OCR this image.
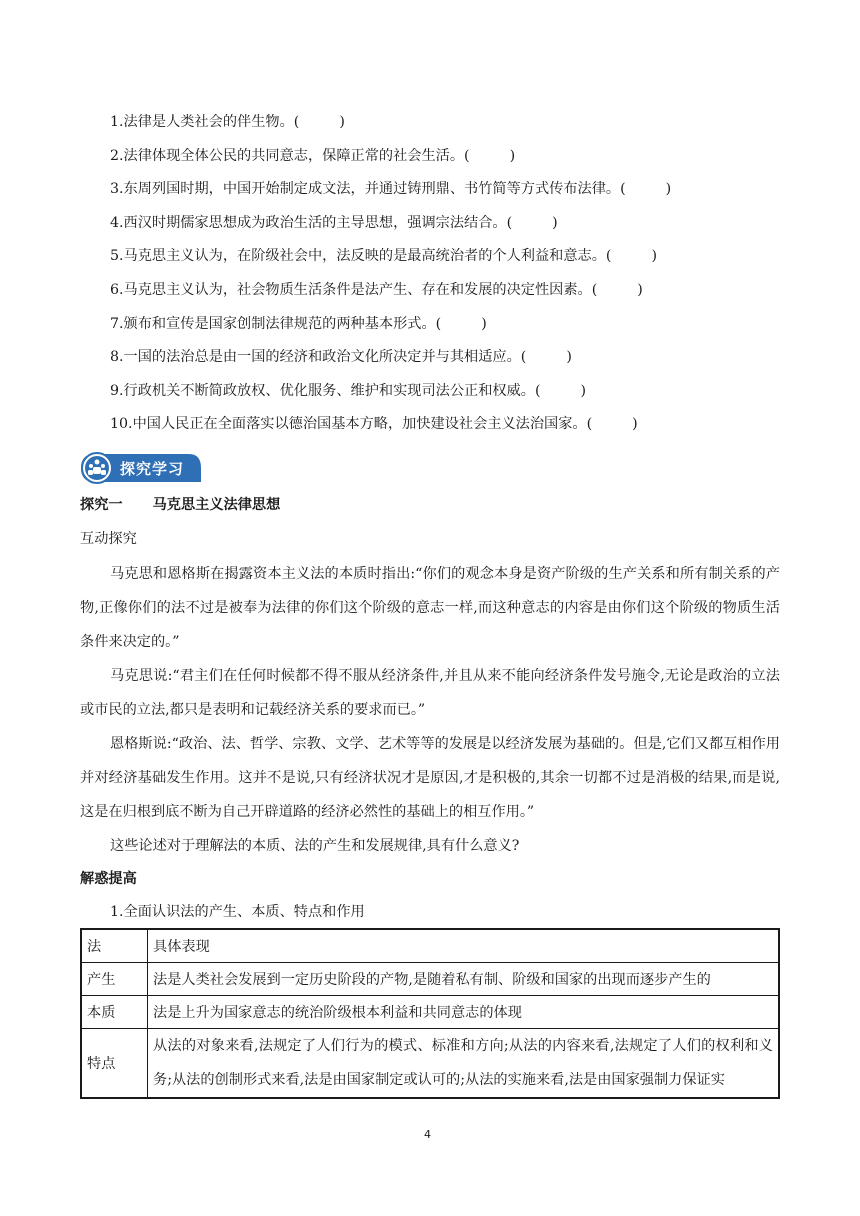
1.法律是人类社会的伴生物。(	)
2.法律体现全体公民的共同意志，保障正常的社会生活。(	)
3.东周列国时期，中国开始制定成文法，并通过铸刑鼎、书竹简等方式传布法律。(	)
4.西汉时期儒家思想成为政治生活的主导思想，强调宗法结合。(	)
5.马克思主义认为，在阶级社会中，法反映的是最高统治者的个人利益和意志。(	)
6.马克思主义认为，社会物质生活条件是法产生、存在和发展的决定性因素。(	)
7.颁布和宣传是国家创制法律规范的两种基本形式。(	)
8.一国的法治总是由一国的经济和政治文化所决定并与其相适应。(	)
9.行政机关不断简政放权、优化服务、维护和实现司法公正和权威。(	)
10.中国人民正在全面落实以德治国基本方略，加快建设社会主义法治国家。(	)
探究学习
探究一 马克思主义法律思想
互动探究

马克思和恩格斯在揭露资本主义法的本质时指出:“你们的观念本身是资产阶级的生产关系和所有制关系的产物,正像你们的法不过是被奉为法律的你们这个阶级的意志一样,而这种意志的内容是由你们这个阶级的物质生活条件来决定的。”

马克思说:“君主们在任何时候都不得不服从经济条件,并且从来不能向经济条件发号施令,无论是政治的立法或市民的立法,都只是表明和记载经济关系的要求而已。”

恩格斯说:“政治、法、哲学、宗教、文学、艺术等等的发展是以经济发展为基础的。但是,它们又都互相作用并对经济基础发生作用。这并不是说,只有经济状况才是原因,才是积极的,其余一切都不过是消极的结果,而是说,这是在归根到底不断为自己开辟道路的经济必然性的基础上的相互作用。”

这些论述对于理解法的本质、法的产生和发展规律,具有什么意义?

解惑提高
1.全面认识法的产生、本质、特点和作用
法	具体表现
产生	法是人类社会发展到一定历史阶段的产物,是随着私有制、阶级和国家的出现而逐步产生的
本质	法是上升为国家意志的统治阶级根本利益和共同意志的体现
特点	从法的对象来看,法规定了人们行为的模式、标准和方向;从法的内容来看,法规定了人们的权利和义务;从法的创制形式来看,法是由国家制定或认可的;从法的实施来看,法是由国家强制力保证实
4
